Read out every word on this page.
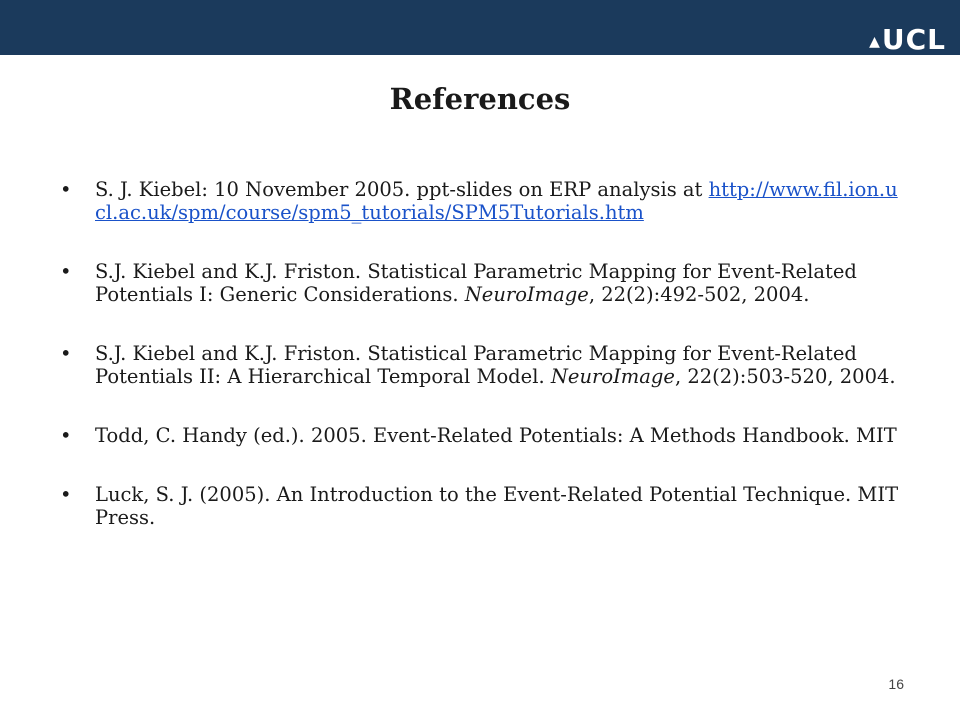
▲ UCL
References
• S. J. Kiebel: 10 November 2005. ppt-slides on ERP analysis at http://www.fil.ion.ucl.ac.uk/spm/course/spm5_tutorials/SPM5Tutorials.htm
• S.J. Kiebel and K.J. Friston. Statistical Parametric Mapping for Event-Related Potentials I: Generic Considerations. NeuroImage, 22(2):492-502, 2004.
• S.J. Kiebel and K.J. Friston. Statistical Parametric Mapping for Event-Related Potentials II: A Hierarchical Temporal Model. NeuroImage, 22(2):503-520, 2004.
• Todd, C. Handy (ed.). 2005. Event-Related Potentials: A Methods Handbook. MIT
• Luck, S. J. (2005). An Introduction to the Event-Related Potential Technique. MIT Press.
16
